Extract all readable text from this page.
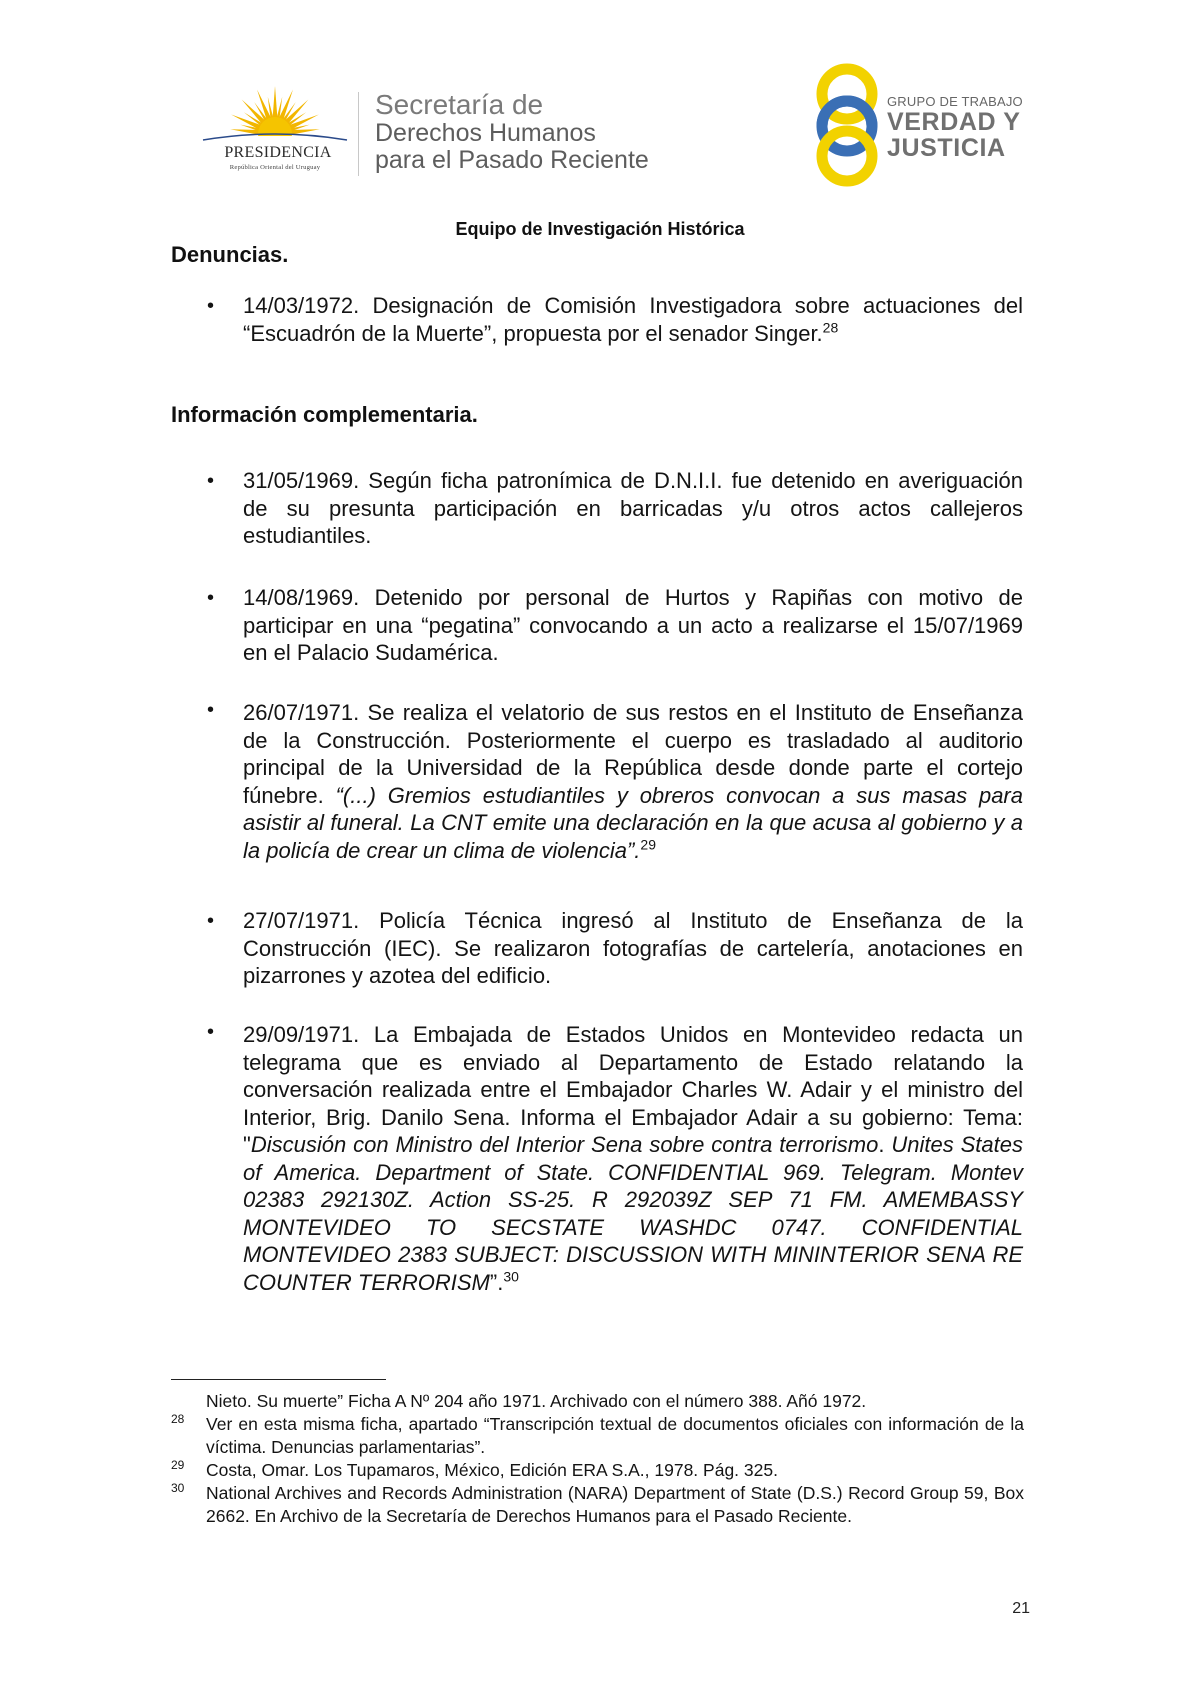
PRESIDENCIA
República Oriental del Uruguay
Secretaría de
Derechos Humanos
para el Pasado Reciente
GRUPO DE TRABAJO
VERDAD Y
JUSTICIA
Equipo de Investigación Histórica
Denuncias.
• 14/03/1972. Designación de Comisión Investigadora sobre actuaciones del “Escuadrón de la Muerte”, propuesta por el senador Singer.$^{28}$
Información complementaria.
• 31/05/1969. Según ficha patronímica de D.N.I.I. fue detenido en averiguación de su presunta participación en barricadas y/u otros actos callejeros estudiantiles.
• 14/08/1969. Detenido por personal de Hurtos y Rapiñas con motivo de participar en una “pegatina” convocando a un acto a realizarse el 15/07/1969 en el Palacio Sudamérica.
• 26/07/1971. Se realiza el velatorio de sus restos en el Instituto de Enseñanza de la Construcción. Posteriormente el cuerpo es trasladado al auditorio principal de la Universidad de la República desde donde parte el cortejo fúnebre. “(...) Gremios estudiantiles y obreros convocan a sus masas para asistir al funeral. La CNT emite una declaración en la que acusa al gobierno y a la policía de crear un clima de violencia”.$^{29}$
• 27/07/1971. Policía Técnica ingresó al Instituto de Enseñanza de la Construcción (IEC). Se realizaron fotografías de cartelería, anotaciones en pizarrones y azotea del edificio.
• 29/09/1971. La Embajada de Estados Unidos en Montevideo redacta un telegrama que es enviado al Departamento de Estado relatando la conversación realizada entre el Embajador Charles W. Adair y el ministro del Interior, Brig. Danilo Sena. Informa el Embajador Adair a su gobierno: Tema: "Discusión con Ministro del Interior Sena sobre contra terrorismo. Unites States of America. Department of State. CONFIDENTIAL 969. Telegram. Montev 02383 292130Z. Action SS-25. R 292039Z SEP 71 FM. AMEMBASSY MONTEVIDEO TO SECSTATE WASHDC 0747. CONFIDENTIAL MONTEVIDEO 2383 SUBJECT: DISCUSSION WITH MININTERIOR SENA RE COUNTER TERRORISM”.$^{30}$
Nieto. Su muerte” Ficha A Nº 204 año 1971. Archivado con el número 388. Añó 1972.
28 Ver en esta misma ficha, apartado “Transcripción textual de documentos oficiales con información de la víctima. Denuncias parlamentarias”.
29 Costa, Omar. Los Tupamaros, México, Edición ERA S.A., 1978. Pág. 325.
30 National Archives and Records Administration (NARA) Department of State (D.S.) Record Group 59, Box 2662. En Archivo de la Secretaría de Derechos Humanos para el Pasado Reciente.
21
